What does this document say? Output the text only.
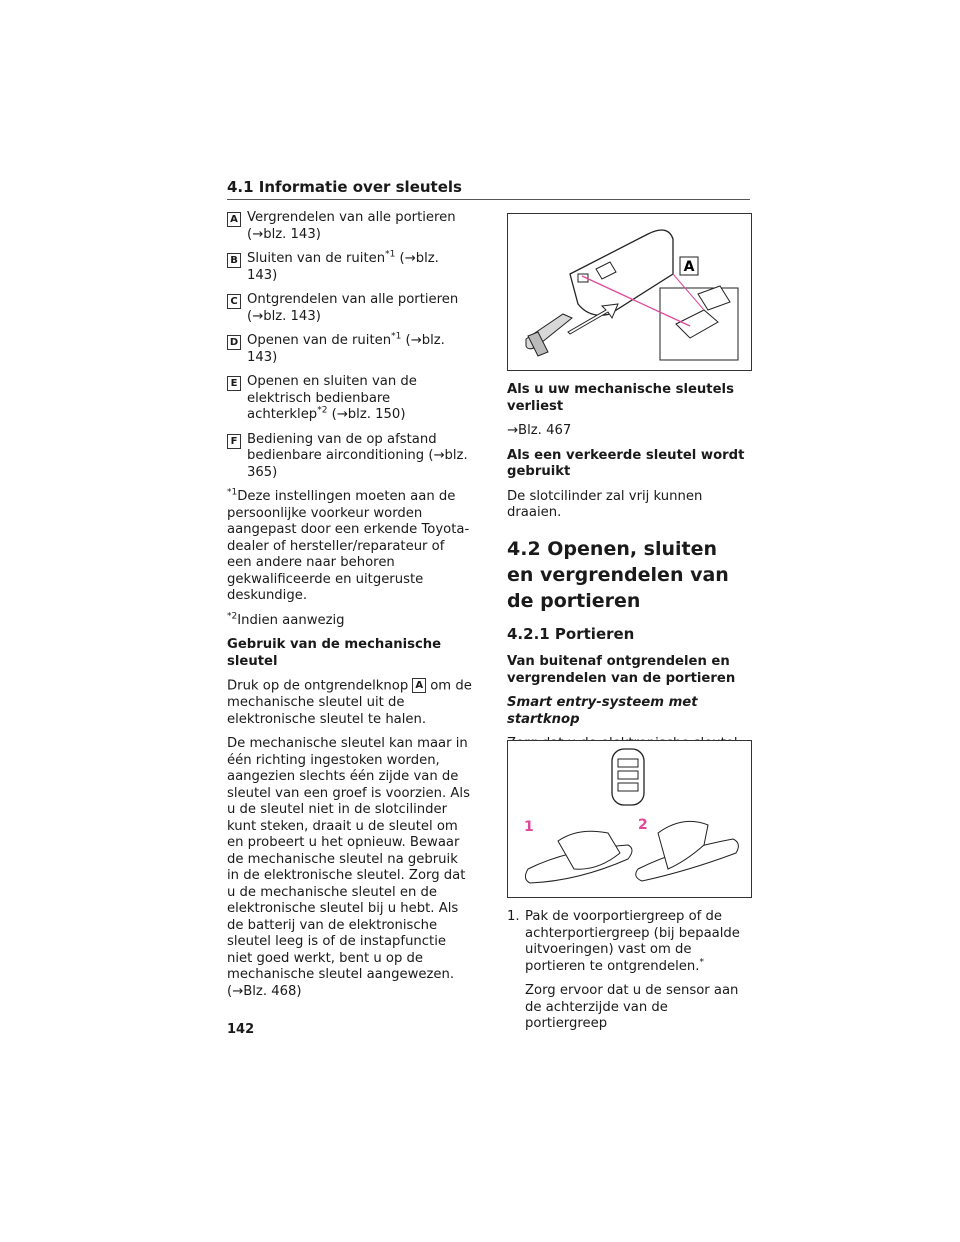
4.1 Informatie over sleutels
A Vergrendelen van alle portieren (→blz. 143)
B Sluiten van de ruiten$^{*1}$ (→blz. 143)
C Ontgrendelen van alle portieren (→blz. 143)
D Openen van de ruiten$^{*1}$ (→blz. 143)
E Openen en sluiten van de elektrisch bedienbare achterklep$^{*2}$ (→blz. 150)
F Bediening van de op afstand bedienbare airconditioning (→blz. 365)

$^{*1}$Deze instellingen moeten aan de persoonlijke voorkeur worden aangepast door een erkende Toyota-dealer of hersteller/reparateur of een andere naar behoren gekwalificeerde en uitgeruste deskundige.

$^{*2}$Indien aanwezig

Gebruik van de mechanische sleutel

Druk op de ontgrendelknop A om de mechanische sleutel uit de elektronische sleutel te halen.

De mechanische sleutel kan maar in één richting ingestoken worden, aangezien slechts één zijde van de sleutel van een groef is voorzien. Als u de sleutel niet in de slotcilinder kunt steken, draait u de sleutel om en probeert u het opnieuw. Bewaar de mechanische sleutel na gebruik in de elektronische sleutel. Zorg dat u de mechanische sleutel en de elektronische sleutel bij u hebt. Als de batterij van de elektronische sleutel leeg is of de instapfunctie niet goed werkt, bent u op de mechanische sleutel aangewezen. (→Blz. 468)

A

Als u uw mechanische sleutels verliest

→Blz. 467

Als een verkeerde sleutel wordt gebruikt

De slotcilinder zal vrij kunnen draaien.

4.2 Openen, sluiten en vergrendelen van de portieren
4.2.1 Portieren

Van buitenaf ontgrendelen en vergrendelen van de portieren

Smart entry-systeem met startknop

1	2
1. Pak de voorportiergreep of de achterportiergreep (bij bepaalde uitvoeringen) vast om de portieren te ontgrendelen.*

Zorg ervoor dat u de sensor aan de achterzijde van de portiergreep

142
